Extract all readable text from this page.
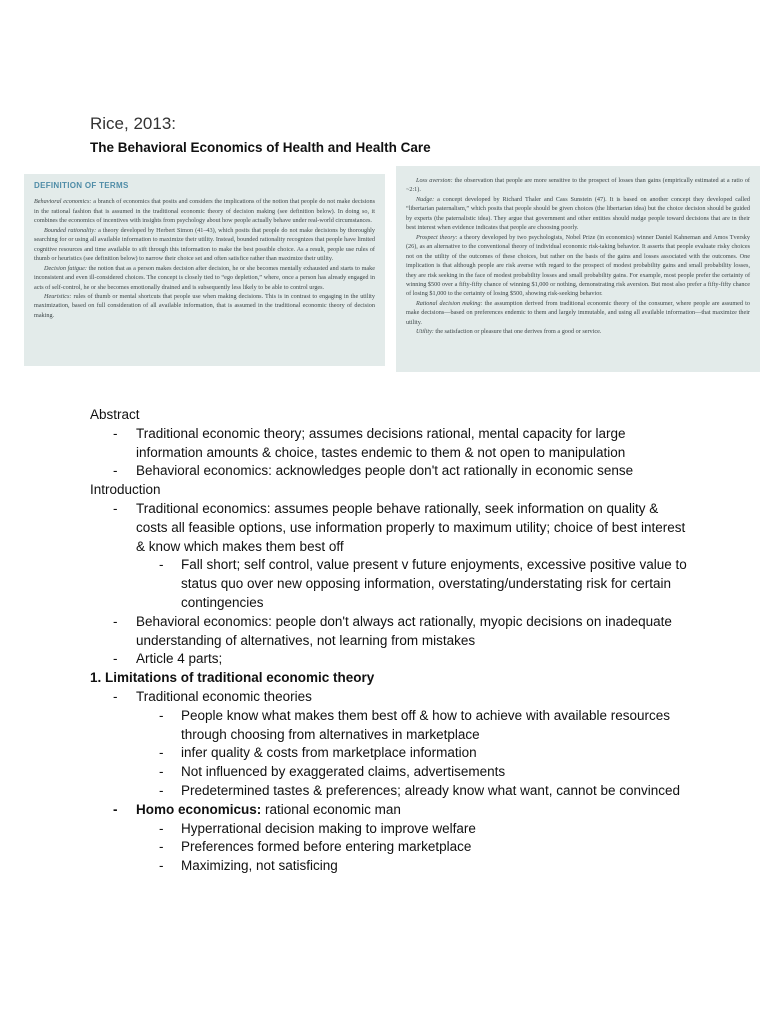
Rice, 2013:
The Behavioral Economics of Health and Health Care
DEFINITION OF TERMS

Behavioral economics: a branch of economics that posits and considers the implications of the notion that people do not make decisions in the rational fashion that is assumed in the traditional economic theory of decision making (see definition below). In doing so, it combines the economics of incentives with insights from psychology about how people actually behave under real-world circumstances.

Bounded rationality: a theory developed by Herbert Simon (41–43), which posits that people do not make decisions by thoroughly searching for or using all available information to maximize their utility. Instead, bounded rationality recognizes that people have limited cognitive resources and time available to sift through this information to make the best possible choice. As a result, people use rules of thumb or heuristics (see definition below) to narrow their choice set and often satisfice rather than maximize their utility.

Decision fatigue: the notion that as a person makes decision after decision, he or she becomes mentally exhausted and starts to make inconsistent and even ill-considered choices. The concept is closely tied to “ego depletion,” where, once a person has already engaged in acts of self-control, he or she becomes emotionally drained and is subsequently less likely to be able to control urges.

Heuristics: rules of thumb or mental shortcuts that people use when making decisions. This is in contrast to engaging in the utility maximization, based on full consideration of all available information, that is assumed in the traditional economic theory of decision making.

Loss aversion: the observation that people are more sensitive to the prospect of losses than gains (empirically estimated at a ratio of ~2:1).

Nudge: a concept developed by Richard Thaler and Cass Sunstein (47). It is based on another concept they developed called “libertarian paternalism,” which posits that people should be given choices (the libertarian idea) but the choice decision should be guided by experts (the paternalistic idea). They argue that government and other entities should nudge people toward decisions that are in their best interest when evidence indicates that people are choosing poorly.

Prospect theory: a theory developed by two psychologists, Nobel Prize (in economics) winner Daniel Kahneman and Amos Tversky (26), as an alternative to the conventional theory of individual economic risk-taking behavior. It asserts that people evaluate risky choices not on the utility of the outcomes of these choices, but rather on the basis of the gains and losses associated with the outcomes. One implication is that although people are risk averse with regard to the prospect of modest probability gains and small probability losses, they are risk seeking in the face of modest probability losses and small probability gains. For example, most people prefer the certainty of winning $500 over a fifty-fifty chance of winning $1,000 or nothing, demonstrating risk aversion. But most also prefer a fifty-fifty chance of losing $1,000 to the certainty of losing $500, showing risk-seeking behavior.

Rational decision making: the assumption derived from traditional economic theory of the consumer, where people are assumed to make decisions—based on preferences endemic to them and largely immutable, and using all available information—that maximize their utility.

Utility: the satisfaction or pleasure that one derives from a good or service.

Abstract
- Traditional economic theory; assumes decisions rational, mental capacity for large information amounts & choice, tastes endemic to them & not open to manipulation
- Behavioral economics: acknowledges people don't act rationally in economic sense
Introduction
- Traditional economics: assumes people behave rationally, seek information on quality & costs all feasible options, use information properly to maximum utility; choice of best interest & know which makes them best off
- Fall short; self control, value present v future enjoyments, excessive positive value to status quo over new opposing information, overstating/understating risk for certain contingencies
- Behavioral economics: people don't always act rationally, myopic decisions on inadequate understanding of alternatives, not learning from mistakes
- Article 4 parts;
1. Limitations of traditional economic theory
- Traditional economic theories
- People know what makes them best off & how to achieve with available resources through choosing from alternatives in marketplace
- infer quality & costs from marketplace information
- Not influenced by exaggerated claims, advertisements
- Predetermined tastes & preferences; already know what want, cannot be convinced
- Homo economicus: rational economic man
- Hyperrational decision making to improve welfare
- Preferences formed before entering marketplace
- Maximizing, not satisficing
